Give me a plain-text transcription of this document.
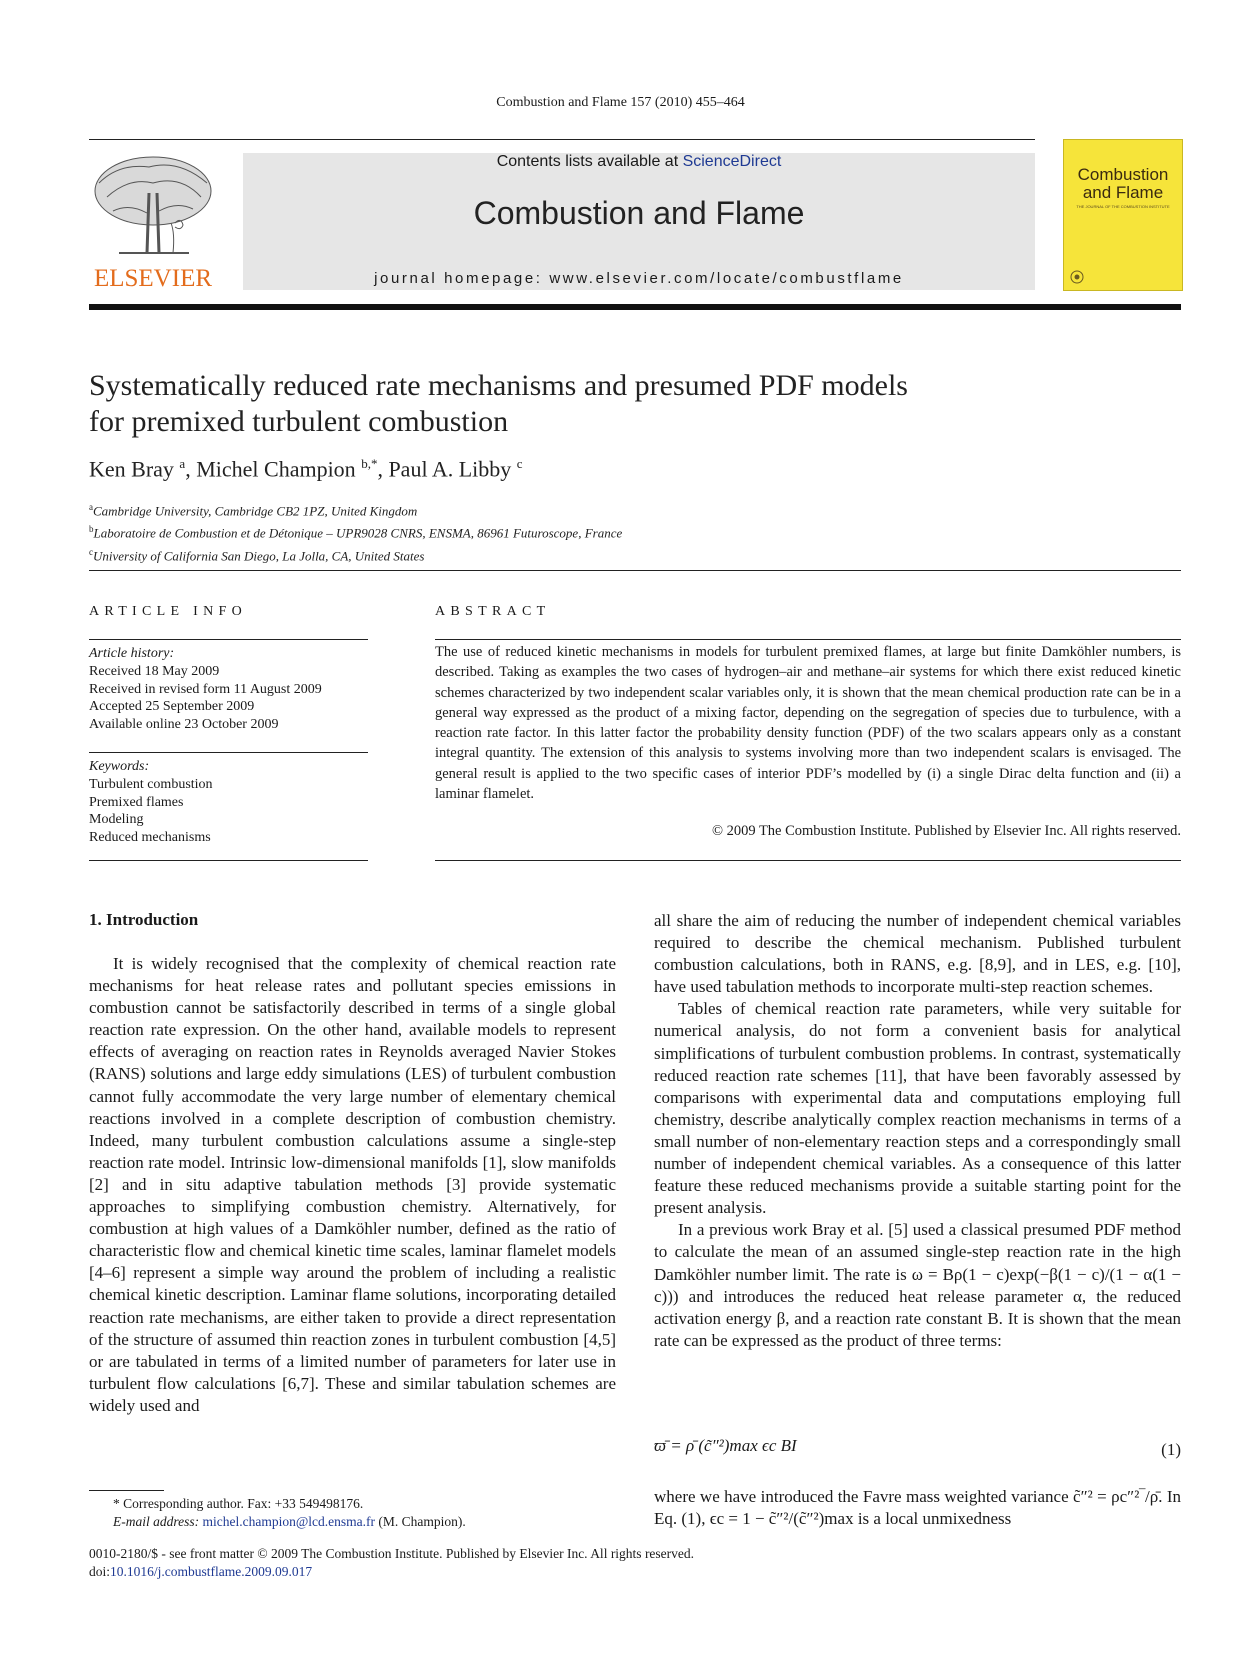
Combustion and Flame 157 (2010) 455–464
ELSEVIER
Contents lists available at ScienceDirect
Combustion and Flame
journal homepage: www.elsevier.com/locate/combustflame
Combustion and Flame
THE JOURNAL OF THE COMBUSTION INSTITUTE
Systematically reduced rate mechanisms and presumed PDF models
for premixed turbulent combustion
Ken Bray $^a$, Michel Champion $^{b,*}$, Paul A. Libby $^c$
$^a$Cambridge University, Cambridge CB2 1PZ, United Kingdom
$^b$Laboratoire de Combustion et de Détonique – UPR9028 CNRS, ENSMA, 86961 Futuroscope, France
$^c$University of California San Diego, La Jolla, CA, United States
ARTICLE INFO	ABSTRACT
Article history:
Received 18 May 2009
Received in revised form 11 August 2009
Accepted 25 September 2009
Available online 23 October 2009
Keywords:
Turbulent combustion
Premixed flames
Modeling
Reduced mechanisms
The use of reduced kinetic mechanisms in models for turbulent premixed flames, at large but finite Damköhler numbers, is described. Taking as examples the two cases of hydrogen–air and methane–air systems for which there exist reduced kinetic schemes characterized by two independent scalar variables only, it is shown that the mean chemical production rate can be in a general way expressed as the product of a mixing factor, depending on the segregation of species due to turbulence, with a reaction rate factor. In this latter factor the probability density function (PDF) of the two scalars appears only as a constant integral quantity. The extension of this analysis to systems involving more than two independent scalars is envisaged. The general result is applied to the two specific cases of interior PDF’s modelled by (i) a single Dirac delta function and (ii) a laminar flamelet.
© 2009 The Combustion Institute. Published by Elsevier Inc. All rights reserved.
1. Introduction

It is widely recognised that the complexity of chemical reaction rate mechanisms for heat release rates and pollutant species emissions in combustion cannot be satisfactorily described in terms of a single global reaction rate expression. On the other hand, available models to represent effects of averaging on reaction rates in Reynolds averaged Navier Stokes (RANS) solutions and large eddy simulations (LES) of turbulent combustion cannot fully accommodate the very large number of elementary chemical reactions involved in a complete description of combustion chemistry. Indeed, many turbulent combustion calculations assume a single-step reaction rate model. Intrinsic low-dimensional manifolds [1], slow manifolds [2] and in situ adaptive tabulation methods [3] provide systematic approaches to simplifying combustion chemistry. Alternatively, for combustion at high values of a Damköhler number, defined as the ratio of characteristic flow and chemical kinetic time scales, laminar flamelet models [4–6] represent a simple way around the problem of including a realistic chemical kinetic description. Laminar flame solutions, incorporating detailed reaction rate mechanisms, are either taken to provide a direct representation of the structure of assumed thin reaction zones in turbulent combustion [4,5] or are tabulated in terms of a limited number of parameters for later use in turbulent flow calculations [6,7]. These and similar tabulation schemes are widely used and

all share the aim of reducing the number of independent chemical variables required to describe the chemical mechanism. Published turbulent combustion calculations, both in RANS, e.g. [8,9], and in LES, e.g. [10], have used tabulation methods to incorporate multi-step reaction schemes.

Tables of chemical reaction rate parameters, while very suitable for numerical analysis, do not form a convenient basis for analytical simplifications of turbulent combustion problems. In contrast, systematically reduced reaction rate schemes [11], that have been favorably assessed by comparisons with experimental data and computations employing full chemistry, describe analytically complex reaction mechanisms in terms of a small number of non-elementary reaction steps and a correspondingly small number of independent chemical variables. As a consequence of this latter feature these reduced mechanisms provide a suitable starting point for the present analysis.

In a previous work Bray et al. [5] used a classical presumed PDF method to calculate the mean of an assumed single-step reaction rate in the high Damköhler number limit. The rate is ω = Bρ(1 − c)exp(−β(1 − c)/(1 − α(1 − c))) and introduces the reduced heat release parameter α, the reduced activation energy β, and a reaction rate constant B. It is shown that the mean rate can be expressed as the product of three terms:

ϖ̄ = ρ̄ (c̃″²)max ϵc BI	(1)
where we have introduced the Favre mass weighted variance c̃″² = ρc″²‾/ρ̄. In Eq. (1), ϵc = 1 − c̃″²/(c̃″²)max is a local unmixedness
* Corresponding author. Fax: +33 549498176.
E-mail address: michel.champion@lcd.ensma.fr (M. Champion).
0010-2180/$ - see front matter © 2009 The Combustion Institute. Published by Elsevier Inc. All rights reserved.
doi:10.1016/j.combustflame.2009.09.017
